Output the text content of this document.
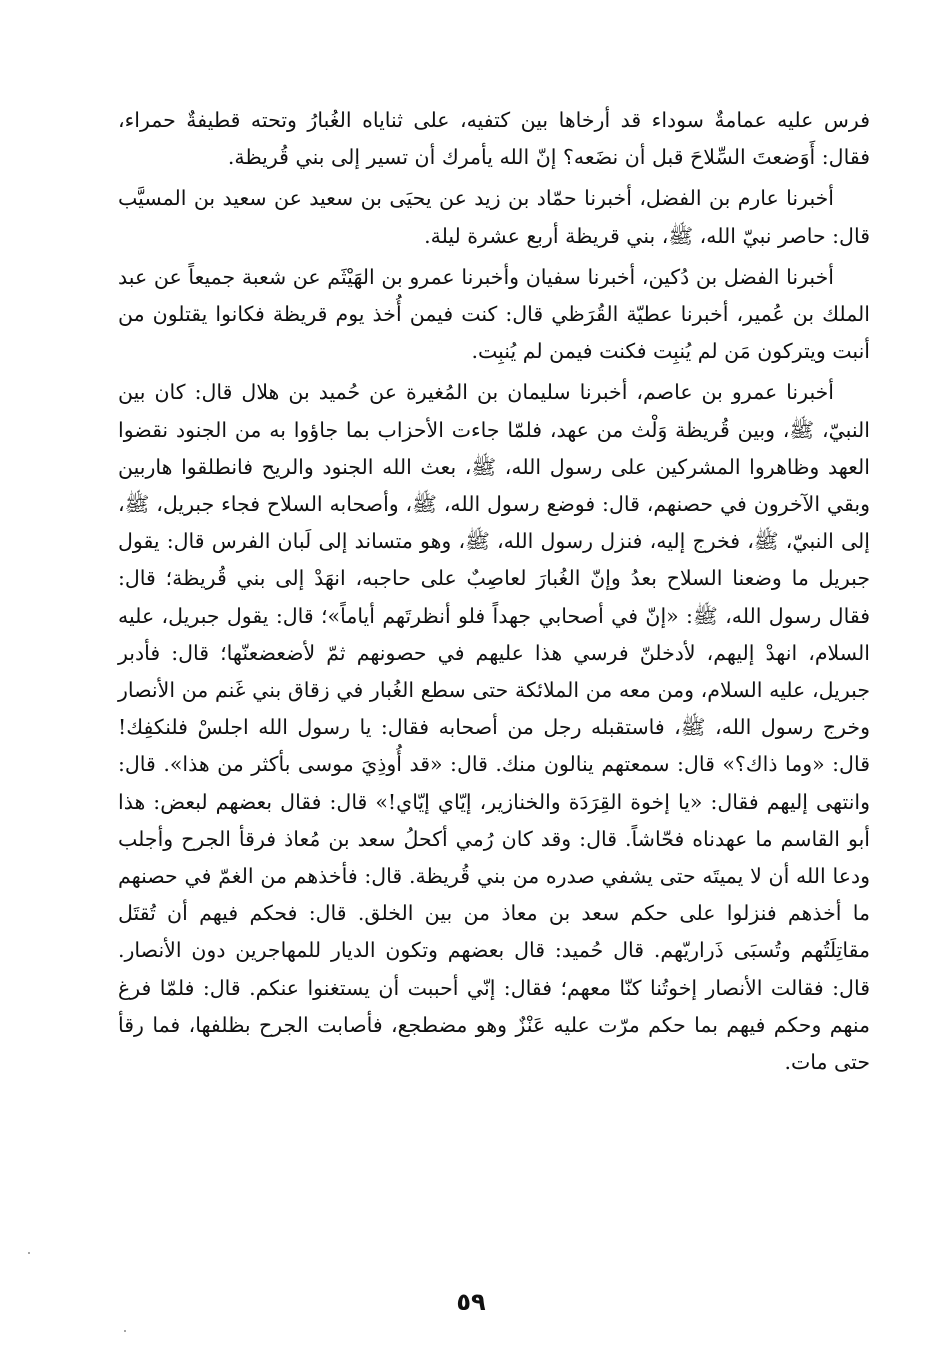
فرس عليه عمامةٌ سوداء قد أرخاها بين كتفيه، على ثناياه الغُبارُ وتحته قطيفةٌ حمراء، فقال: أَوَضعتَ السِّلاحَ قبل أن نضَعه؟ إنّ الله يأمرك أن تسير إلى بني قُريظة.

أخبرنا عارم بن الفضل، أخبرنا حمّاد بن زيد عن يحيَى بن سعيد عن سعيد بن المسيَّب قال: حاصر نبيّ الله، ﷺ، بني قريظة أربع عشرة ليلة.

أخبرنا الفضل بن دُكين، أخبرنا سفيان وأخبرنا عمرو بن الهَيْثَم عن شعبة جميعاً عن عبد الملك بن عُمير، أخبرنا عطيّة القُرَظي قال: كنت فيمن أُخذ يوم قريظة فكانوا يقتلون من أنبت ويتركون مَن لم يُنبِت فكنت فيمن لم يُنبِت.

أخبرنا عمرو بن عاصم، أخبرنا سليمان بن المُغيرة عن حُميد بن هلال قال: كان بين النبيّ، ﷺ، وبين قُريظة وَلْث من عهد، فلمّا جاءت الأحزاب بما جاؤوا به من الجنود نقضوا العهد وظاهروا المشركين على رسول الله، ﷺ، بعث الله الجنود والريح فانطلقوا هاربين وبقي الآخرون في حصنهم، قال: فوضع رسول الله، ﷺ، وأصحابه السلاح فجاء جبريل، ﷺ، إلى النبيّ، ﷺ، فخرج إليه، فنزل رسول الله، ﷺ، وهو متساند إلى لَبان الفرس قال: يقول جبريل ما وضعنا السلاح بعدُ وإنّ الغُبارَ لعاصِبٌ على حاجبه، انهَدْ إلى بني قُريظة؛ قال: فقال رسول الله، ﷺ: «إنّ في أصحابي جهداً فلو أنظرتَهم أياماً»؛ قال: يقول جبريل، عليه السلام، انهدْ إليهم، لأدخلنّ فرسي هذا عليهم في حصونهم ثمّ لأضعضعنّها؛ قال: فأدبر جبريل، عليه السلام، ومن معه من الملائكة حتى سطع الغُبار في زقاق بني غَنم من الأنصار وخرج رسول الله، ﷺ، فاستقبله رجل من أصحابه فقال: يا رسول الله اجلسْ فلنكفِك! قال: «وما ذاك؟» قال: سمعتهم ينالون منك. قال: «قد أُوذِيَ موسى بأكثر من هذا». قال: وانتهى إليهم فقال: «يا إخوة القِرَدَة والخنازير، إيّاي إيّاي!» قال: فقال بعضهم لبعض: هذا أبو القاسم ما عهدناه فحّاشاً. قال: وقد كان رُمي أكحلُ سعد بن مُعاذ فرقأ الجرح وأجلب ودعا الله أن لا يميتَه حتى يشفي صدره من بني قُريظة. قال: فأخذهم من الغمّ في حصنهم ما أخذهم فنزلوا على حكم سعد بن معاذ من بين الخلق. قال: فحكم فيهم أن تُقتَل مقاتِلَتُهم وتُسبَى ذَراريّهم. قال حُميد: قال بعضهم وتكون الديار للمهاجرين دون الأنصار. قال: فقالت الأنصار إخوتُنا كنّا معهم؛ فقال: إنّي أحببت أن يستغنوا عنكم. قال: فلمّا فرغ منهم وحكم فيهم بما حكم مرّت عليه عَنْزٌ وهو مضطجع، فأصابت الجرح بظلفها، فما رقأ حتى مات.

٥٩
